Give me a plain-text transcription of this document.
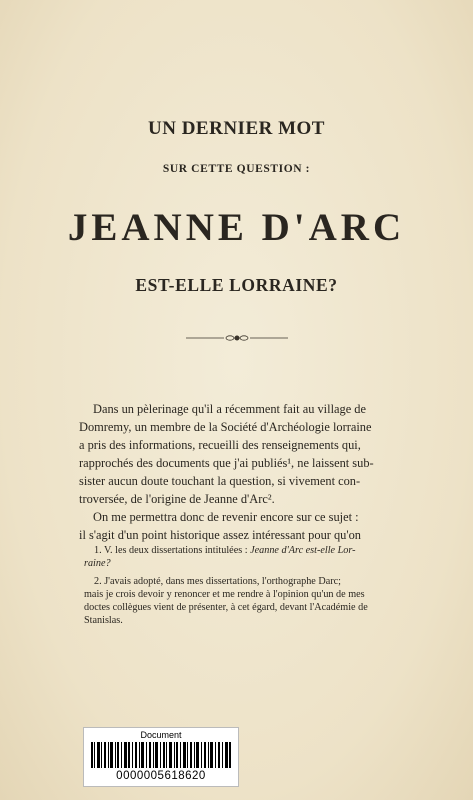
UN DERNIER MOT
SUR CETTE QUESTION :
JEANNE D'ARC
EST-ELLE LORRAINE?
Dans un pèlerinage qu'il a récemment fait au village de
Domremy, un membre de la Société d'Archéologie lorraine
a pris des informations, recueilli des renseignements qui,
rapprochés des documents que j'ai publiés¹, ne laissent sub-
sister aucun doute touchant la question, si vivement con-
troversée, de l'origine de Jeanne d'Arc².
On me permettra donc de revenir encore sur ce sujet :
il s'agit d'un point historique assez intéressant pour qu'on
1. V. les deux dissertations intitulées : Jeanne d'Arc est-elle Lor-
raine?
2. J'avais adopté, dans mes dissertations, l'orthographe Darc;
mais je crois devoir y renoncer et me rendre à l'opinion qu'un de mes
doctes collègues vient de présenter, à cet égard, devant l'Académie de
Stanislas.
Document
0000005618620
